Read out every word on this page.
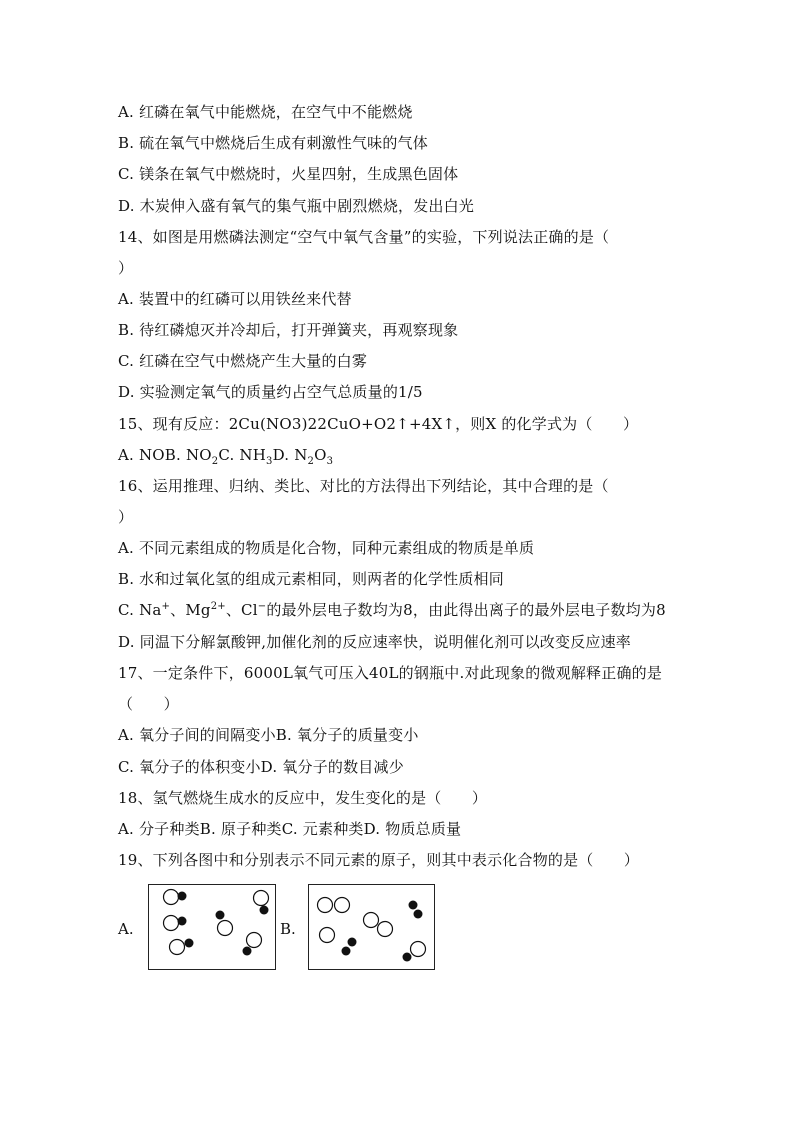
A. 红磷在氧气中能燃烧，在空气中不能燃烧
B. 硫在氧气中燃烧后生成有刺激性气味的气体
C. 镁条在氧气中燃烧时，火星四射，生成黑色固体
D. 木炭伸入盛有氧气的集气瓶中剧烈燃烧，发出白光
14、如图是用燃磷法测定“空气中氧气含量”的实验，下列说法正确的是（
）
A. 装置中的红磷可以用铁丝来代替
B. 待红磷熄灭并冷却后，打开弹簧夹，再观察现象
C. 红磷在空气中燃烧产生大量的白雾
D. 实验测定氧气的质量约占空气总质量的1/5
15、现有反应：2Cu(NO3)22CuO+O2↑+4X↑，则X 的化学式为（　　）
A. NOB. $NO_2C$. $NH_3D$. $N_2O_3$
16、运用推理、归纳、类比、对比的方法得出下列结论，其中合理的是（
）
A. 不同元素组成的物质是化合物，同种元素组成的物质是单质
B. 水和过氧化氢的组成元素相同，则两者的化学性质相同
C. Na+、$Mg^{2+}$、Cl−的最外层电子数均为8，由此得出离子的最外层电子数均为8
D. 同温下分解氯酸钾,加催化剂的反应速率快，说明催化剂可以改变反应速率
17、一定条件下，6000L氧气可压入40L的钢瓶中.对此现象的微观解释正确的是
（　　）
A. 氧分子间的间隔变小B. 氧分子的质量变小
C. 氧分子的体积变小D. 氧分子的数目减少
18、氢气燃烧生成水的反应中，发生变化的是（　　）
A. 分子种类B. 原子种类C. 元素种类D. 物质总质量
19、下列各图中和分别表示不同元素的原子，则其中表示化合物的是（　　）
A.	B.
